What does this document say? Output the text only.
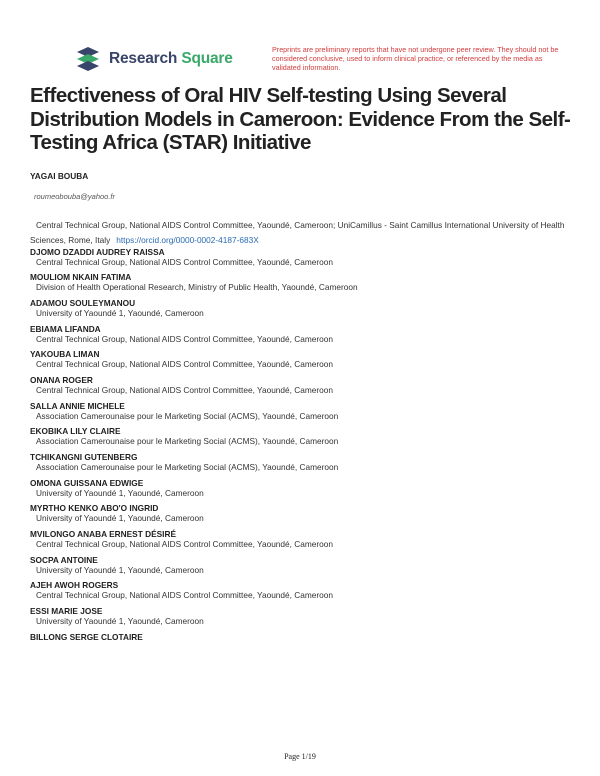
Research Square
Preprints are preliminary reports that have not undergone peer review. They should not be considered conclusive, used to inform clinical practice, or referenced by the media as validated information.
Effectiveness of Oral HIV Self-testing Using Several Distribution Models in Cameroon: Evidence From the Self-Testing Africa (STAR) Initiative
YAGAI BOUBA
roumeobouba@yahoo.fr
Central Technical Group, National AIDS Control Committee, Yaoundé, Cameroon; UniCamillus - Saint Camillus International University of Health Sciences, Rome, Italy https://orcid.org/0000-0002-4187-683X
DJOMO DZADDI AUDREY RAISSA
Central Technical Group, National AIDS Control Committee, Yaoundé, Cameroon
MOULIOM NKAIN FATIMA
Division of Health Operational Research, Ministry of Public Health, Yaoundé, Cameroon
ADAMOU SOULEYMANOU
University of Yaoundé 1, Yaoundé, Cameroon
EBIAMA LIFANDA
Central Technical Group, National AIDS Control Committee, Yaoundé, Cameroon
YAKOUBA LIMAN
Central Technical Group, National AIDS Control Committee, Yaoundé, Cameroon
ONANA ROGER
Central Technical Group, National AIDS Control Committee, Yaoundé, Cameroon
SALLA ANNIE MICHELE
Association Camerounaise pour le Marketing Social (ACMS), Yaoundé, Cameroon
EKOBIKA LILY CLAIRE
Association Camerounaise pour le Marketing Social (ACMS), Yaoundé, Cameroon
TCHIKANGNI GUTENBERG
Association Camerounaise pour le Marketing Social (ACMS), Yaoundé, Cameroon
OMONA GUISSANA EDWIGE
University of Yaoundé 1, Yaoundé, Cameroon
MYRTHO KENKO ABO'O INGRID
University of Yaoundé 1, Yaoundé, Cameroon
MVILONGO ANABA ERNEST DÉSIRÉ
Central Technical Group, National AIDS Control Committee, Yaoundé, Cameroon
SOCPA ANTOINE
University of Yaoundé 1, Yaoundé, Cameroon
AJEH AWOH ROGERS
Central Technical Group, National AIDS Control Committee, Yaoundé, Cameroon
ESSI MARIE JOSE
University of Yaoundé 1, Yaoundé, Cameroon
BILLONG SERGE CLOTAIRE
Page 1/19
